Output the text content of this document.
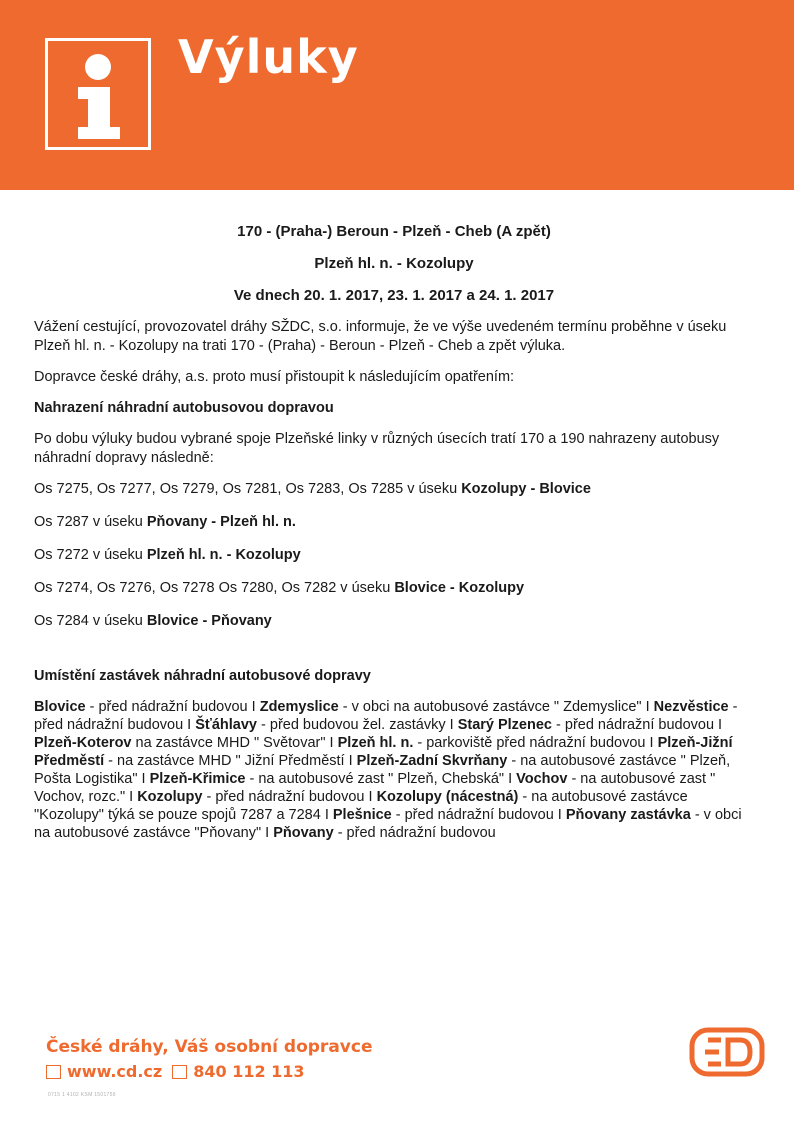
Výluky
170 - (Praha-) Beroun - Plzeň - Cheb (A zpět)
Plzeň hl. n. - Kozolupy
Ve dnech 20. 1. 2017, 23. 1. 2017 a 24. 1. 2017

Vážení cestující, provozovatel dráhy SŽDC, s.o. informuje, že ve výše uvedeném termínu proběhne v úseku Plzeň hl. n. - Kozolupy na trati 170 - (Praha) - Beroun - Plzeň - Cheb a zpět výluka.

Dopravce české dráhy, a.s. proto musí přistoupit k následujícím opatřením:

Nahrazení náhradní autobusovou dopravou

Po dobu výluky budou vybrané spoje Plzeňské linky v různých úsecích tratí 170 a 190 nahrazeny autobusy náhradní dopravy následně:

Os 7275, Os 7277, Os 7279, Os 7281, Os 7283, Os 7285 v úseku Kozolupy - Blovice
Os 7287 v úseku Pňovany - Plzeň hl. n.
Os 7272 v úseku Plzeň hl. n. - Kozolupy
Os 7274, Os 7276, Os 7278 Os 7280, Os 7282 v úseku Blovice - Kozolupy
Os 7284 v úseku Blovice - Pňovany
Umístění zastávek náhradní autobusové dopravy

Blovice - před nádražní budovou I Zdemyslice - v obci na autobusové zastávce " Zdemyslice" I Nezvěstice - před nádražní budovou I Šťáhlavy - před budovou žel. zastávky I Starý Plzenec - před nádražní budovou I Plzeň-Koterov na zastávce MHD " Světovar" I Plzeň hl. n. - parkoviště před nádražní budovou I Plzeň-Jižní Předměstí - na zastávce MHD " Jižní Předměstí I Plzeň-Zadní Skvrňany - na autobusové zastávce " Plzeň, Pošta Logistika" I Plzeň-Křimice - na autobusové zast " Plzeň, Chebská" I Vochov - na autobusové zast " Vochov, rozc." I Kozolupy - před nádražní budovou I Kozolupy (nácestná) - na autobusové zastávce "Kozolupy" týká se pouze spojů 7287 a 7284 I Plešnice - před nádražní budovou I Pňovany zastávka - v obci na autobusové zastávce "Pňovany" I Pňovany - před nádražní budovou

České dráhy, Váš osobní dopravce
www.cd.cz 840 112 113
0715 1 4102 KSM 1501756
